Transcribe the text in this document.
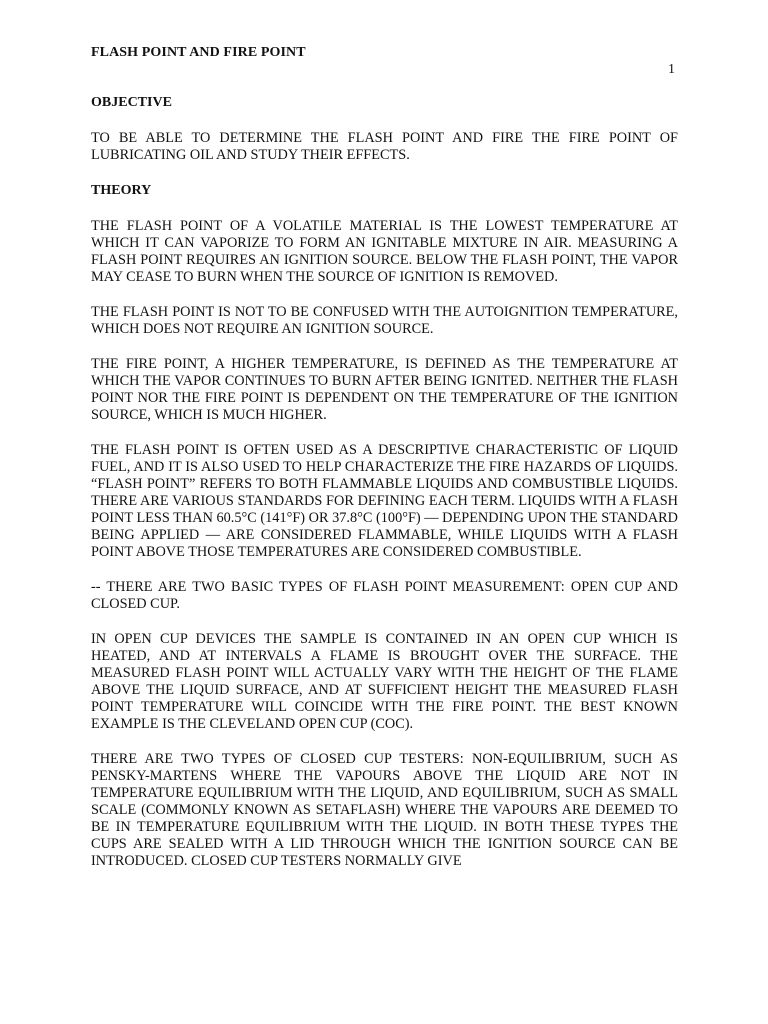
FLASH POINT AND FIRE POINT
1
OBJECTIVE

TO BE ABLE TO DETERMINE THE FLASH POINT AND FIRE THE FIRE POINT OF LUBRICATING OIL AND STUDY THEIR EFFECTS.

THEORY

THE FLASH POINT OF A VOLATILE MATERIAL IS THE LOWEST TEMPERATURE AT WHICH IT CAN VAPORIZE TO FORM AN IGNITABLE MIXTURE IN AIR. MEASURING A FLASH POINT REQUIRES AN IGNITION SOURCE. BELOW THE FLASH POINT, THE VAPOR MAY CEASE TO BURN WHEN THE SOURCE OF IGNITION IS REMOVED.

THE FLASH POINT IS NOT TO BE CONFUSED WITH THE AUTOIGNITION TEMPERATURE, WHICH DOES NOT REQUIRE AN IGNITION SOURCE.

THE FIRE POINT, A HIGHER TEMPERATURE, IS DEFINED AS THE TEMPERATURE AT WHICH THE VAPOR CONTINUES TO BURN AFTER BEING IGNITED. NEITHER THE FLASH POINT NOR THE FIRE POINT IS DEPENDENT ON THE TEMPERATURE OF THE IGNITION SOURCE, WHICH IS MUCH HIGHER.

THE FLASH POINT IS OFTEN USED AS A DESCRIPTIVE CHARACTERISTIC OF LIQUID FUEL, AND IT IS ALSO USED TO HELP CHARACTERIZE THE FIRE HAZARDS OF LIQUIDS. “FLASH POINT” REFERS TO BOTH FLAMMABLE LIQUIDS AND COMBUSTIBLE LIQUIDS. THERE ARE VARIOUS STANDARDS FOR DEFINING EACH TERM. LIQUIDS WITH A FLASH POINT LESS THAN 60.5°C (141°F) OR 37.8°C (100°F) — DEPENDING UPON THE STANDARD BEING APPLIED — ARE CONSIDERED FLAMMABLE, WHILE LIQUIDS WITH A FLASH POINT ABOVE THOSE TEMPERATURES ARE CONSIDERED COMBUSTIBLE.

-- THERE ARE TWO BASIC TYPES OF FLASH POINT MEASUREMENT: OPEN CUP AND CLOSED CUP.

IN OPEN CUP DEVICES THE SAMPLE IS CONTAINED IN AN OPEN CUP WHICH IS HEATED, AND AT INTERVALS A FLAME IS BROUGHT OVER THE SURFACE. THE MEASURED FLASH POINT WILL ACTUALLY VARY WITH THE HEIGHT OF THE FLAME ABOVE THE LIQUID SURFACE, AND AT SUFFICIENT HEIGHT THE MEASURED FLASH POINT TEMPERATURE WILL COINCIDE WITH THE FIRE POINT. THE BEST KNOWN EXAMPLE IS THE CLEVELAND OPEN CUP (COC).

THERE ARE TWO TYPES OF CLOSED CUP TESTERS: NON-EQUILIBRIUM, SUCH AS PENSKY-MARTENS WHERE THE VAPOURS ABOVE THE LIQUID ARE NOT IN TEMPERATURE EQUILIBRIUM WITH THE LIQUID, AND EQUILIBRIUM, SUCH AS SMALL SCALE (COMMONLY KNOWN AS SETAFLASH) WHERE THE VAPOURS ARE DEEMED TO BE IN TEMPERATURE EQUILIBRIUM WITH THE LIQUID. IN BOTH THESE TYPES THE CUPS ARE SEALED WITH A LID THROUGH WHICH THE IGNITION SOURCE CAN BE INTRODUCED. CLOSED CUP TESTERS NORMALLY GIVE
